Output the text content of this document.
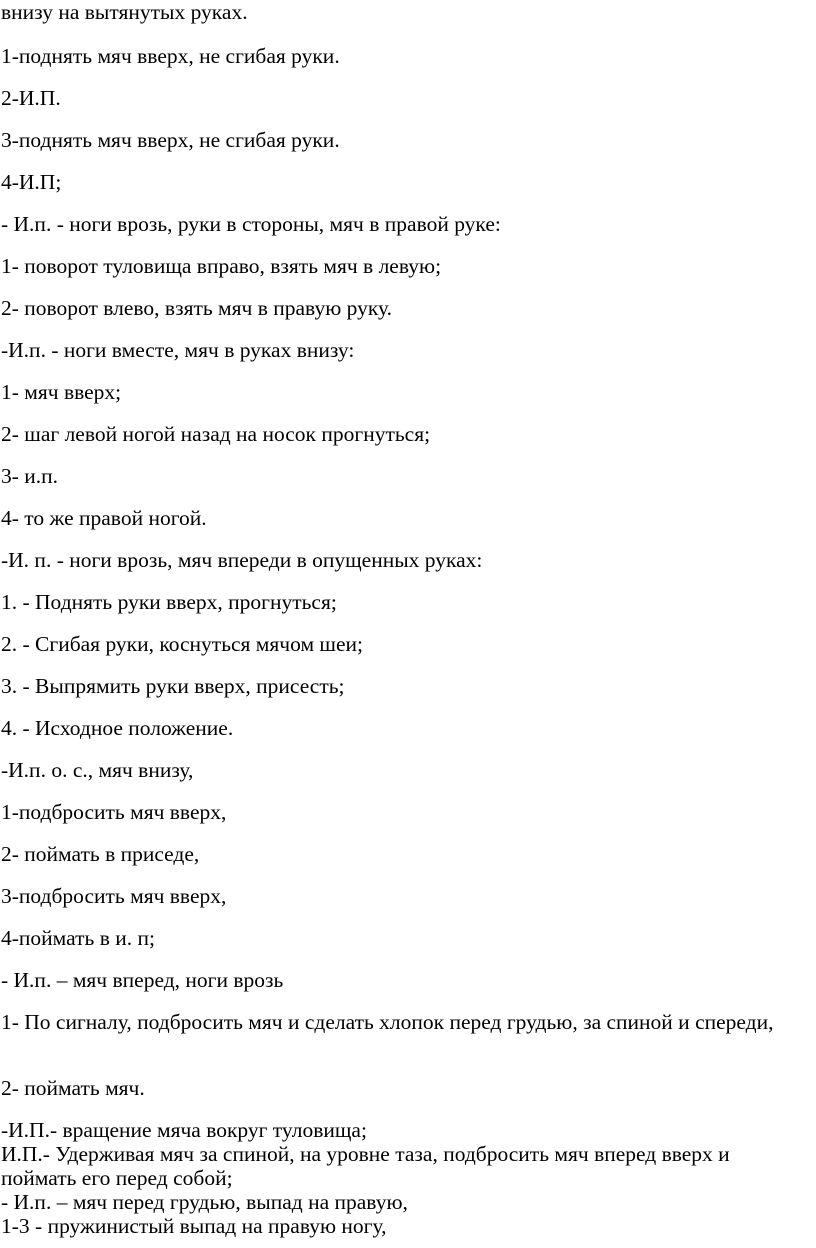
внизу на вытянутых руках.
1-поднять мяч вверх, не сгибая руки.
2-И.П.
3-поднять мяч вверх, не сгибая руки.
4-И.П;
- И.п. - ноги врозь, руки в стороны, мяч в правой руке:
1- поворот туловища вправо, взять мяч в левую;
2- поворот влево, взять мяч в правую руку.
-И.п. - ноги вместе, мяч в руках внизу:
1- мяч вверх;
2- шаг левой ногой назад на носок прогнуться;
3- и.п.
4- то же правой ногой.
-И. п. - ноги врозь, мяч впереди в опущенных руках:
1. - Поднять руки вверх, прогнуться;
2. - Сгибая руки, коснуться мячом шеи;
3. - Выпрямить руки вверх, присесть;
4. - Исходное положение.
-И.п. о. с., мяч внизу,
1-подбросить мяч вверх,
2- поймать в приседе,
3-подбросить мяч вверх,
4-поймать в и. п;
- И.п. – мяч вперед, ноги врозь
1- По сигналу, подбросить мяч и сделать хлопок перед грудью, за спиной и спереди,
2- поймать мяч.
-И.П.- вращение мяча вокруг туловища;
И.П.- Удерживая мяч за спиной, на уровне таза, подбросить мяч вперед вверх и поймать его перед собой;
- И.п. – мяч перед грудью, выпад на правую,
1-3 - пружинистый выпад на правую ногу,
